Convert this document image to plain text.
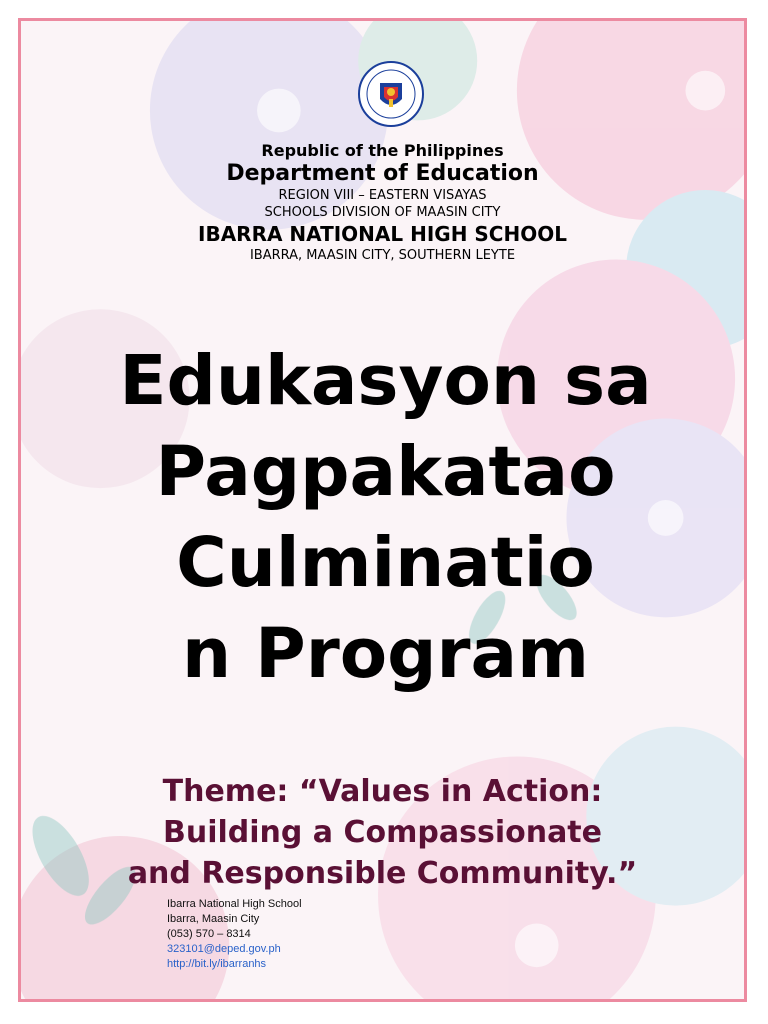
Republic of the Philippines
Department of Education
REGION VIII – EASTERN VISAYAS
SCHOOLS DIVISION OF MAASIN CITY
IBARRA NATIONAL HIGH SCHOOL
IBARRA, MAASIN CITY, SOUTHERN LEYTE
Edukasyon sa
Pagpakatao
Culminatio
n Program
Theme: “Values in Action:
Building a Compassionate
and Responsible Community.”
Ibarra National High School
Ibarra, Maasin City
(053) 570 – 8314
323101@deped.gov.ph
http://bit.ly/ibarranhs
